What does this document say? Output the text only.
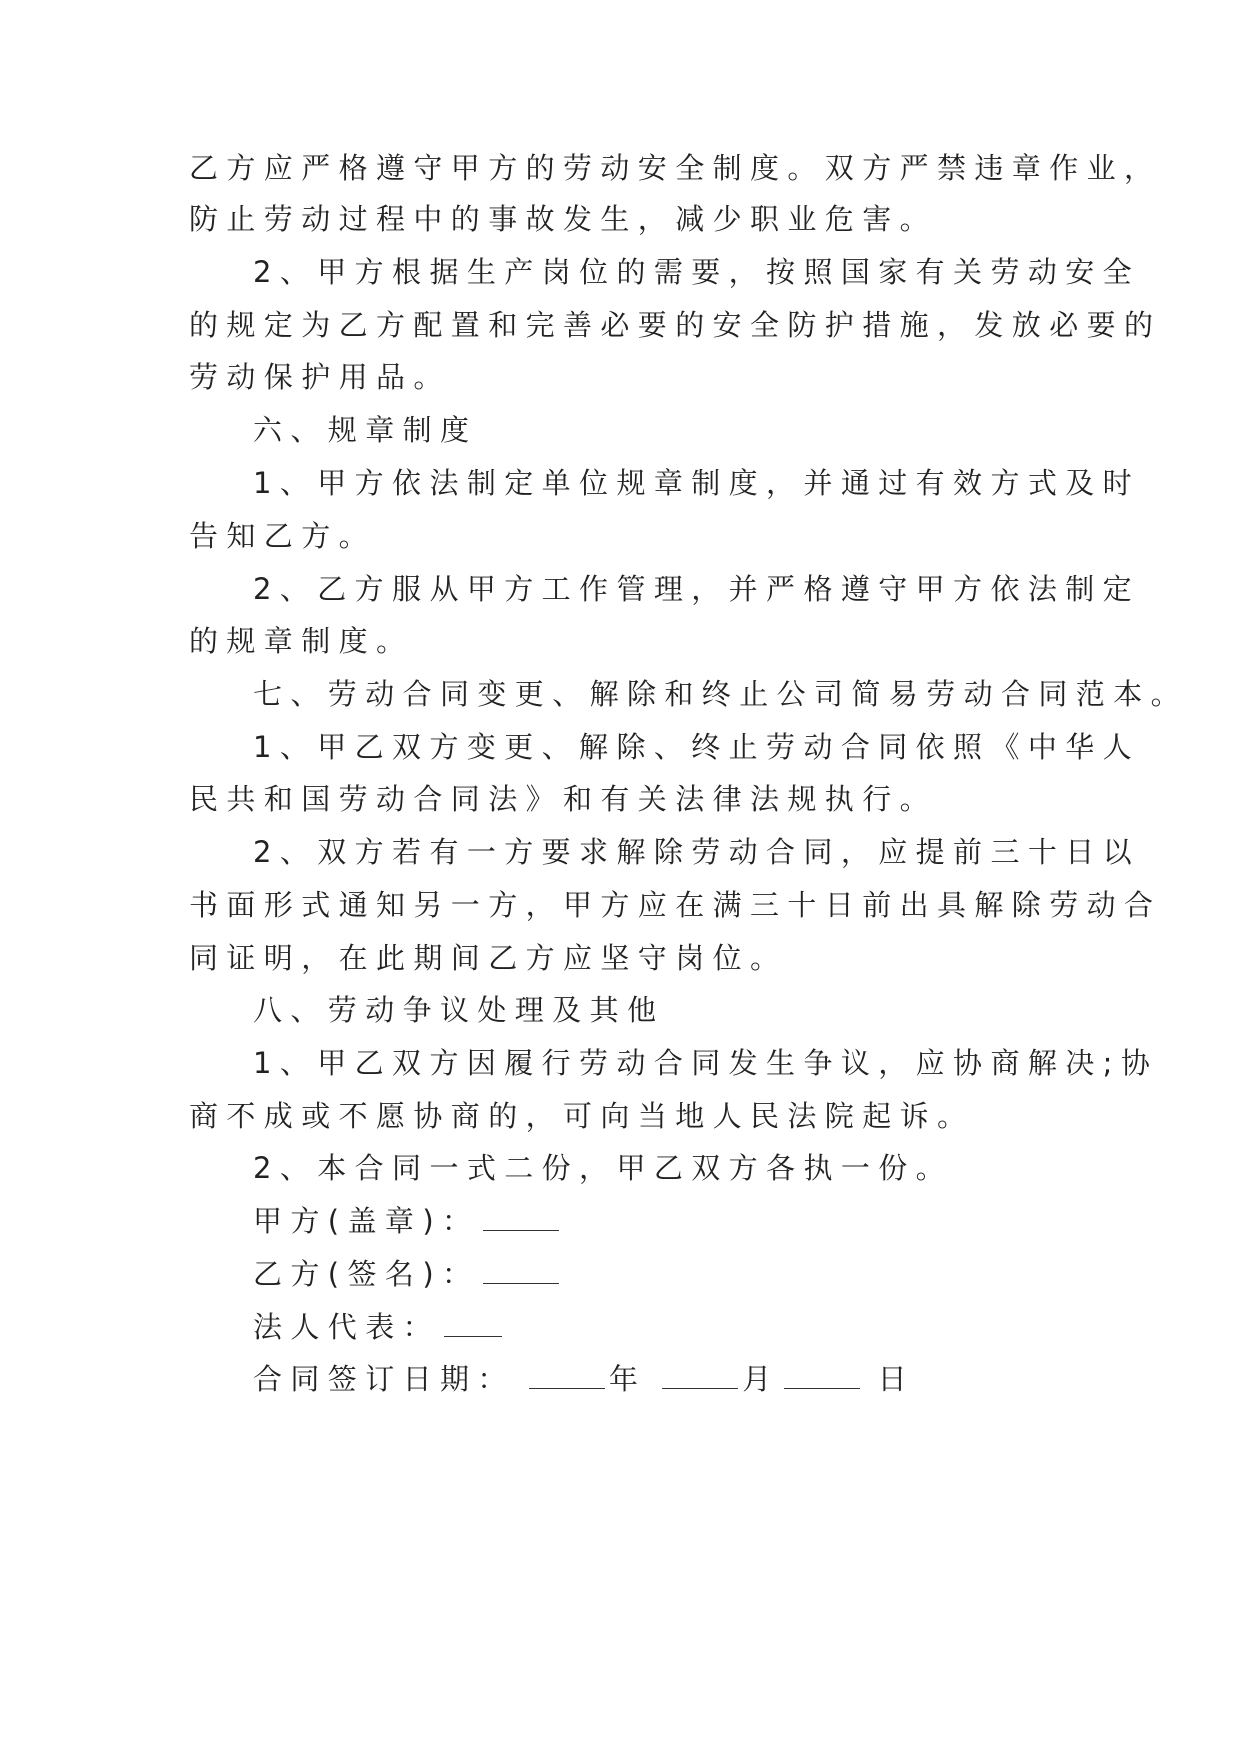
乙方应严格遵守甲方的劳动安全制度。双方严禁违章作业，
防止劳动过程中的事故发生，减少职业危害。
2、甲方根据生产岗位的需要，按照国家有关劳动安全
的规定为乙方配置和完善必要的安全防护措施，发放必要的
劳动保护用品。
六、规章制度
1、甲方依法制定单位规章制度，并通过有效方式及时
告知乙方。
2、乙方服从甲方工作管理，并严格遵守甲方依法制定
的规章制度。
七、劳动合同变更、解除和终止公司简易劳动合同范本。
1、甲乙双方变更、解除、终止劳动合同依照《中华人
民共和国劳动合同法》和有关法律法规执行。
2、双方若有一方要求解除劳动合同，应提前三十日以
书面形式通知另一方，甲方应在满三十日前出具解除劳动合
同证明，在此期间乙方应坚守岗位。
八、劳动争议处理及其他
1、甲乙双方因履行劳动合同发生争议，应协商解决;协
商不成或不愿协商的，可向当地人民法院起诉。
2、本合同一式二份，甲乙双方各执一份。
甲方(盖章)：
乙方(签名)：
法人代表：
合同签订日期：	年	月	日
